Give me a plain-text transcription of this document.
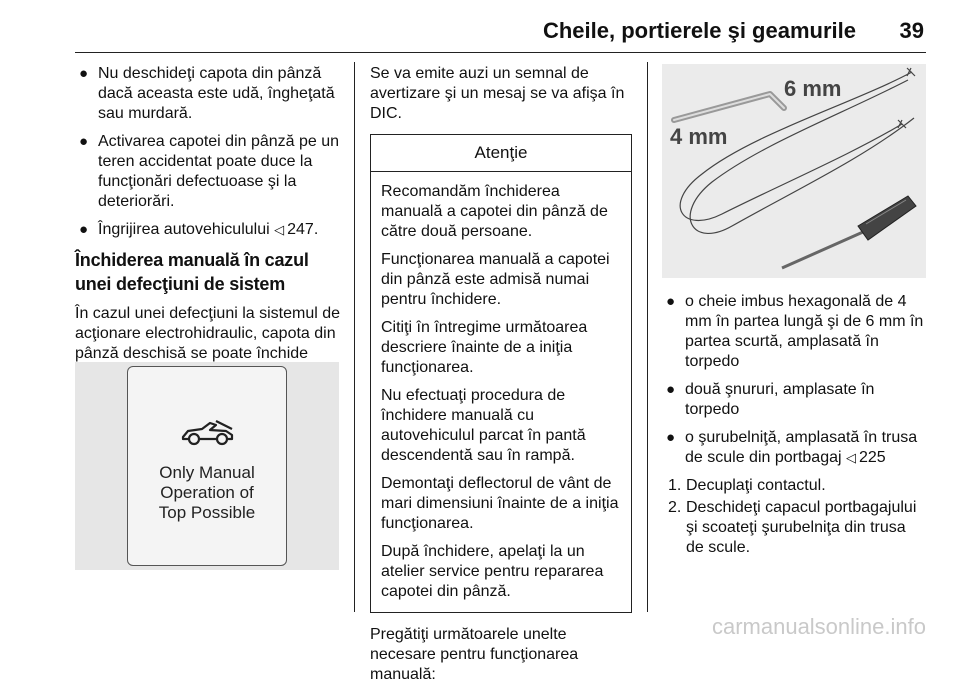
Cheile, portierele şi geamurile 39
● Nu deschideţi capota din pânză dacă aceasta este udă, îngheţată sau murdară.
● Activarea capotei din pânză pe un teren accidentat poate duce la funcţionări defectuoase şi la deteriorări.
● Îngrijirea autovehiculului ◁ 247.
Închiderea manuală în cazul unei defecţiuni de sistem

În cazul unei defecţiuni la sistemul de acţionare electrohidraulic, capota din pânză deschisă se poate închide

Only Manual
Operation of
Top Possible

Se va emite auzi un semnal de avertizare şi un mesaj se va afişa în DIC.

Atenţie

Recomandăm închiderea manuală a capotei din pânză de către două persoane.

Funcţionarea manuală a capotei din pânză este admisă numai pentru închidere.

Citiţi în întregime următoarea descriere înainte de a iniţia funcţionarea.

Nu efectuaţi procedura de închidere manuală cu autovehiculul parcat în pantă descendentă sau în rampă.

Demontaţi deflectorul de vânt de mari dimensiuni înainte de a iniţia funcţionarea.

După închidere, apelaţi la un atelier service pentru repararea capotei din pânză.

Pregătiţi următoarele unelte necesare pentru funcţionarea manuală:

6 mm
4 mm
● o cheie imbus hexagonală de 4 mm în partea lungă şi de 6 mm în partea scurtă, amplasată în torpedo
● două şnururi, amplasate în torpedo
● o şurubelniţă, amplasată în trusa de scule din portbagaj ◁ 225
1. Decuplaţi contactul.
2. Deschideţi capacul portbagajului şi scoateţi şurubelniţa din trusa de scule.
carmanualsonline.info
